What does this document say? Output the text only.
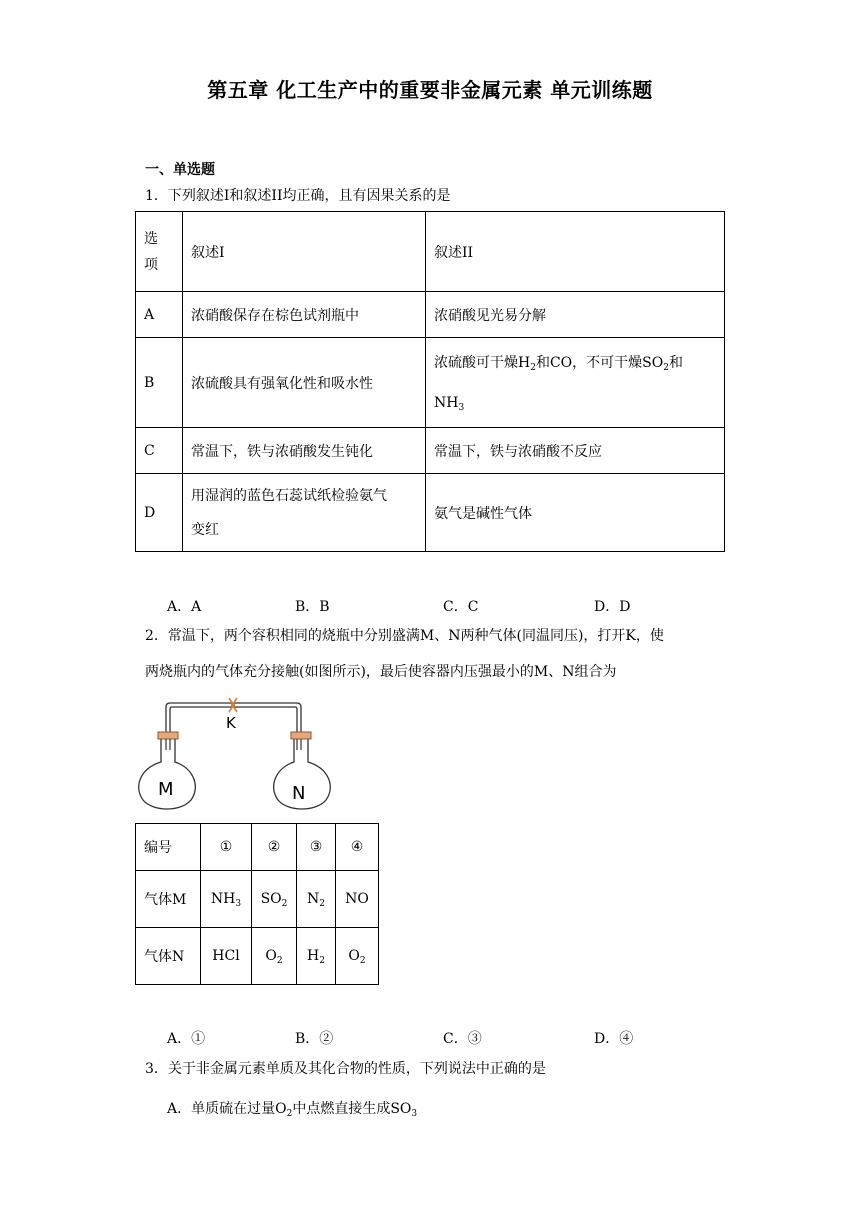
第五章 化工生产中的重要非金属元素 单元训练题
一、单选题
1．下列叙述I和叙述II均正确，且有因果关系的是
选
项	叙述I	叙述II
A	浓硝酸保存在棕色试剂瓶中	浓硝酸见光易分解
B	浓硫酸具有强氧化性和吸水性	浓硫酸可干燥$H_2$和CO，不可干燥$SO_2$和
$NH_3$
C	常温下，铁与浓硝酸发生钝化	常温下，铁与浓硝酸不反应
D	用湿润的蓝色石蕊试纸检验氨气
变红	氨气是碱性气体
A．A	B．B	C．C	D．D
2．常温下，两个容积相同的烧瓶中分别盛满M、N两种气体(同温同压)，打开K，使
两烧瓶内的气体充分接触(如图所示)，最后使容器内压强最小的M、N组合为
K
M	N
编号	①	②	③	④
气体M	$NH_3$	$SO_2$	$N_2$	NO
气体N	HCl	$O_2$	$H_2$	$O_2$
A．①	B．②	C．③	D．④
3．关于非金属元素单质及其化合物的性质，下列说法中正确的是
A．单质硫在过量$O_2$中点燃直接生成$SO_3$
